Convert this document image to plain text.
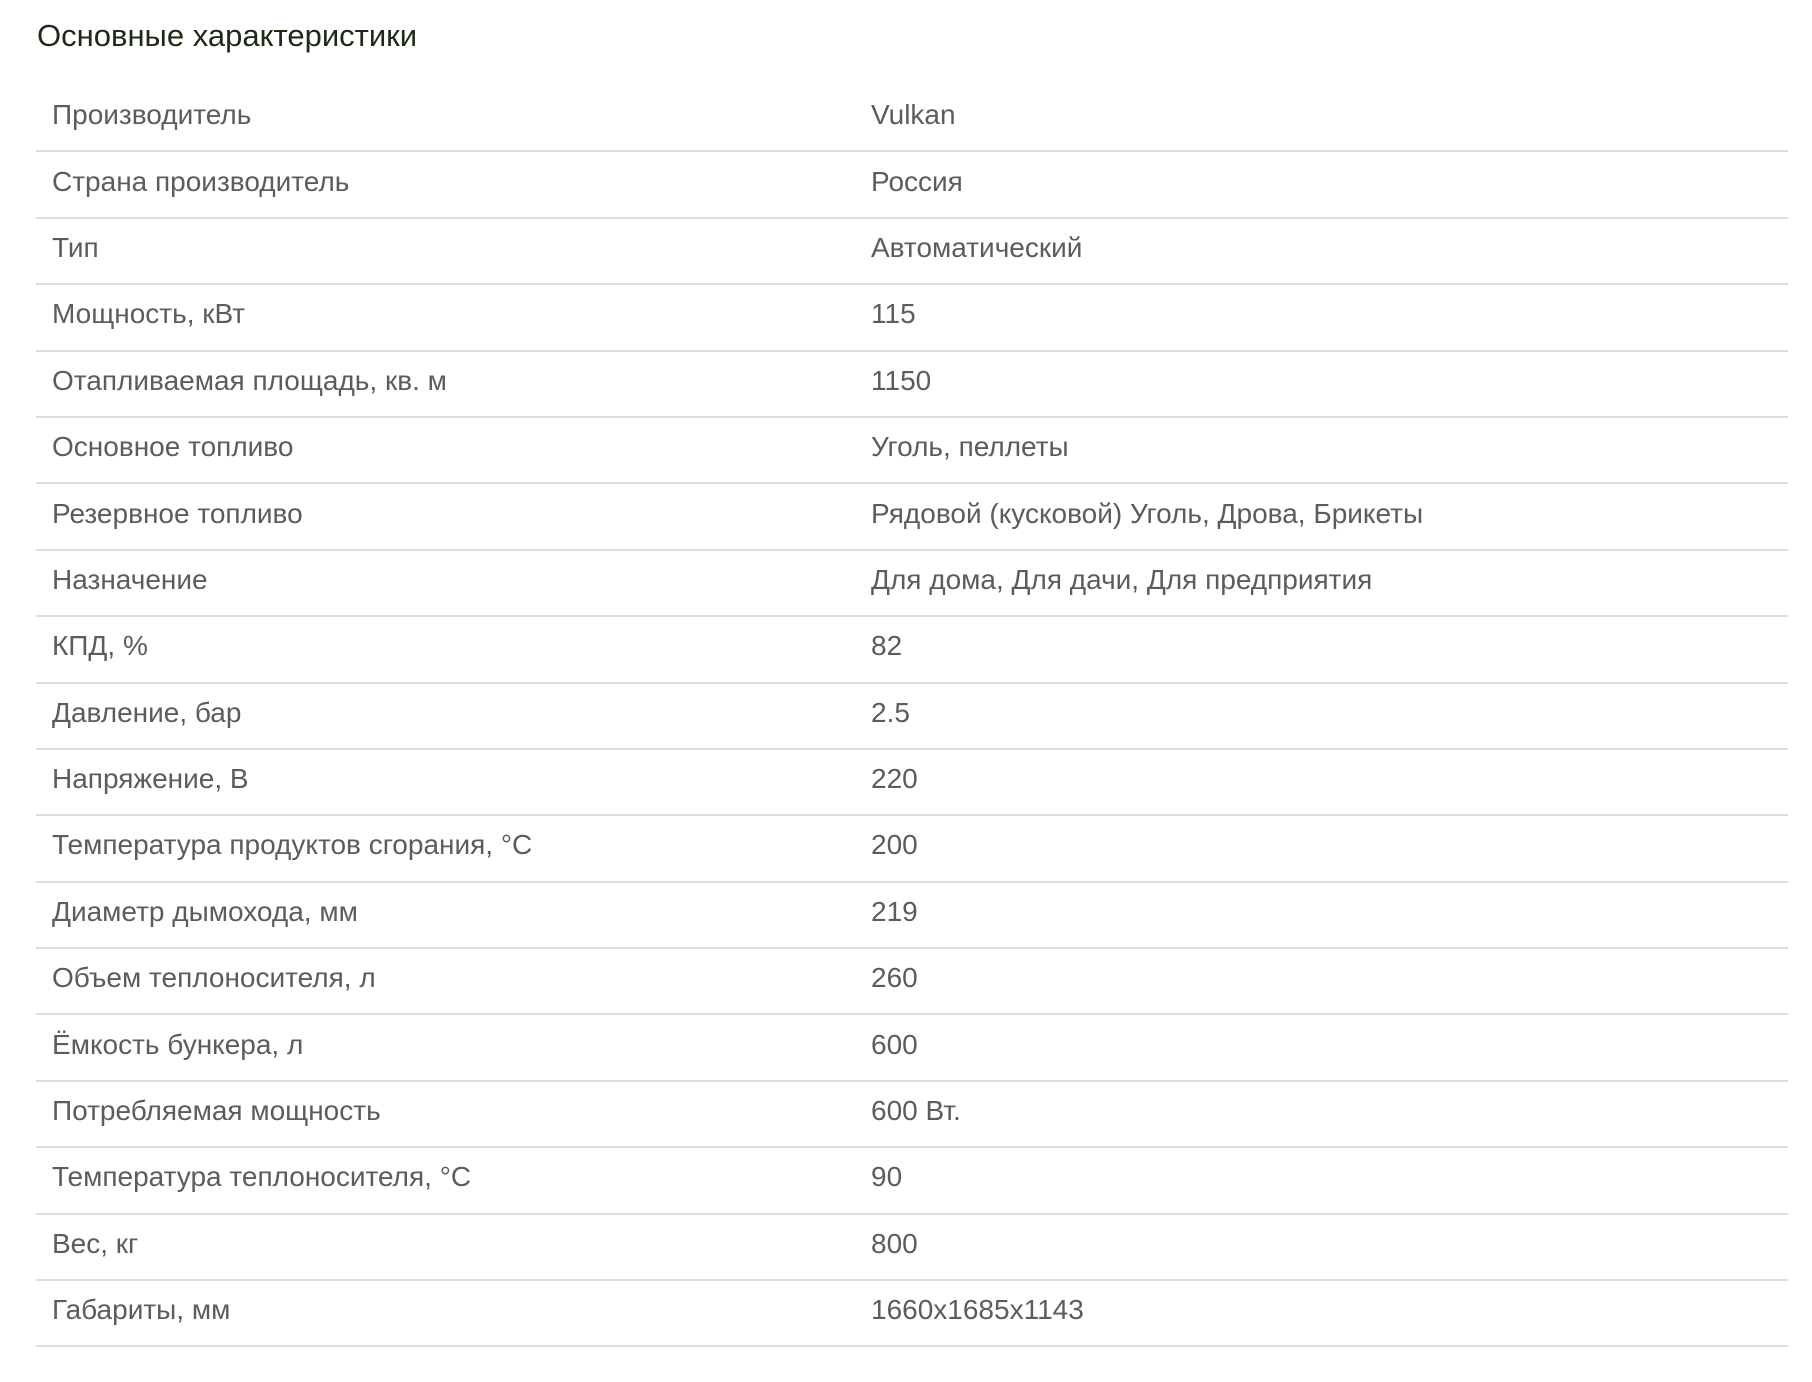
Основные характеристики
Производитель	Vulkan
Страна производитель	Россия
Тип	Автоматический
Мощность, кВт	115
Отапливаемая площадь, кв. м	1150
Основное топливо	Уголь, пеллеты
Резервное топливо	Рядовой (кусковой) Уголь, Дрова, Брикеты
Назначение	Для дома, Для дачи, Для предприятия
КПД, %	82
Давление, бар	2.5
Напряжение, В	220
Температура продуктов сгорания, °С	200
Диаметр дымохода, мм	219
Объем теплоносителя, л	260
Ёмкость бункера, л	600
Потребляемая мощность	600 Вт.
Температура теплоносителя, °С	90
Вес, кг	800
Габариты, мм	1660x1685x1143
